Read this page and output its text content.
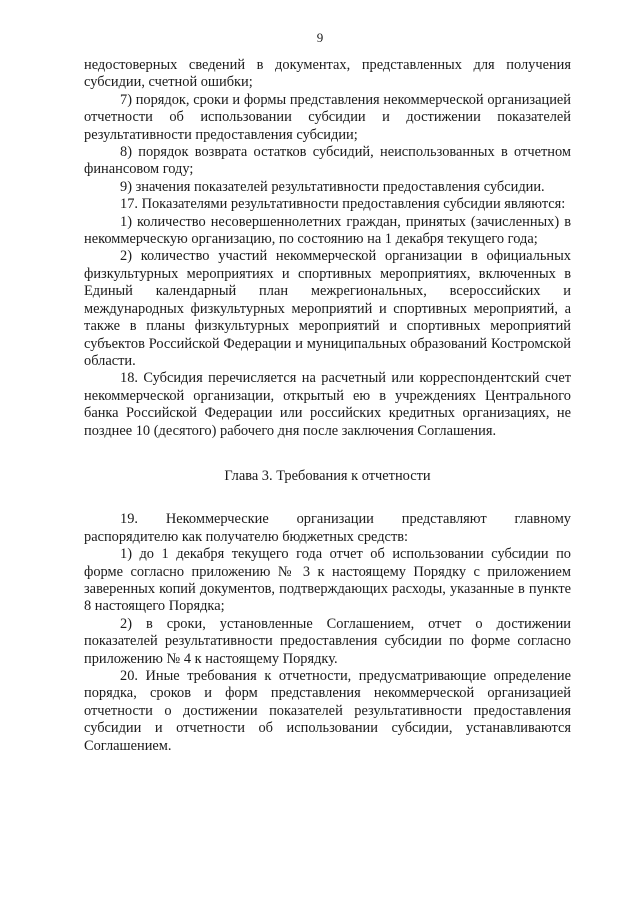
9

недостоверных сведений в документах, представленных для получения субсидии, счетной ошибки;

7) порядок, сроки и формы представления некоммерческой организацией отчетности об использовании субсидии и достижении показателей результативности предоставления субсидии;

8) порядок возврата остатков субсидий, неиспользованных в отчетном финансовом году;

9) значения показателей результативности предоставления субсидии.

17. Показателями результативности предоставления субсидии являются:

1) количество несовершеннолетних граждан, принятых (зачисленных) в некоммерческую организацию, по состоянию на 1 декабря текущего года;

2) количество участий некоммерческой организации в официальных физкультурных мероприятиях и спортивных мероприятиях, включенных в Единый календарный план межрегиональных, всероссийских и международных физкультурных мероприятий и спортивных мероприятий, а также в планы физкультурных мероприятий и спортивных мероприятий субъектов Российской Федерации и муниципальных образований Костромской области.

18. Субсидия перечисляется на расчетный или корреспондентский счет некоммерческой организации, открытый ею в учреждениях Центрального банка Российской Федерации или российских кредитных организациях, не позднее 10 (десятого) рабочего дня после заключения Соглашения.

Глава 3. Требования к отчетности

19. Некоммерческие организации представляют главному распорядителю как получателю бюджетных средств:

1) до 1 декабря текущего года отчет об использовании субсидии по форме согласно приложению № 3 к настоящему Порядку с приложением заверенных копий документов, подтверждающих расходы, указанные в пункте 8 настоящего Порядка;

2) в сроки, установленные Соглашением, отчет о достижении показателей результативности предоставления субсидии по форме согласно приложению № 4 к настоящему Порядку.

20. Иные требования к отчетности, предусматривающие определение порядка, сроков и форм представления некоммерческой организацией отчетности о достижении показателей результативности предоставления субсидии и отчетности об использовании субсидии, устанавливаются Соглашением.
